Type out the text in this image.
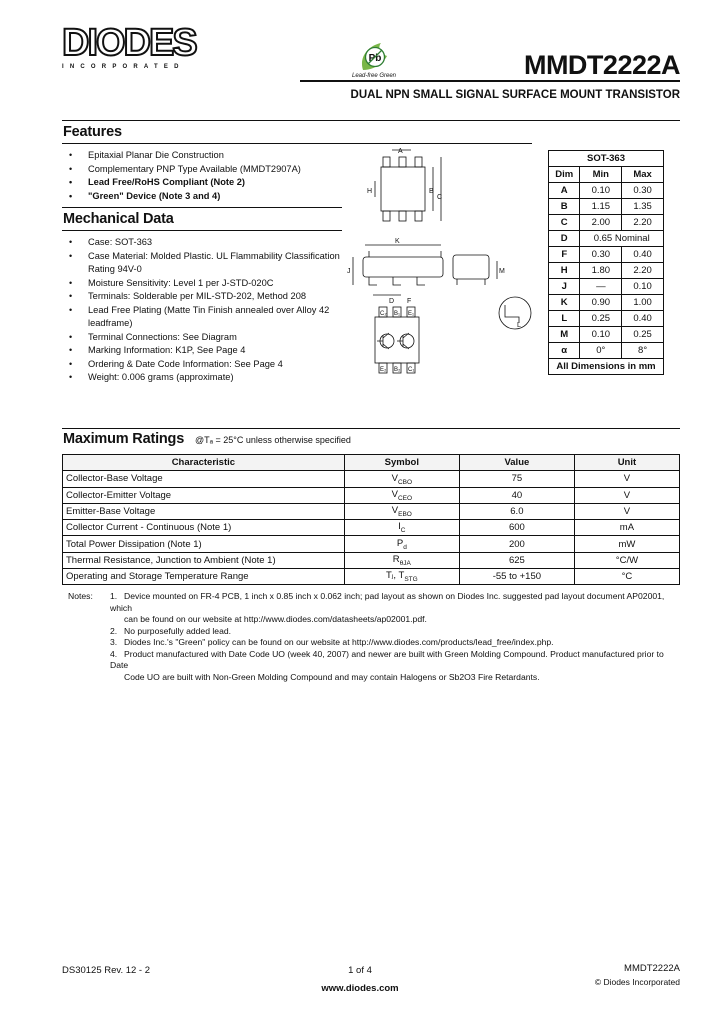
DIODES
INCORPORATED
Pb
Lead-free Green	MMDT2222A
DUAL NPN SMALL SIGNAL SURFACE MOUNT TRANSISTOR
Features
• Epitaxial Planar Die Construction
• Complementary PNP Type Available (MMDT2907A)
• Lead Free/RoHS Compliant (Note 2)
• "Green" Device (Note 3 and 4)
Mechanical Data
• Case: SOT-363
• Case Material: Molded Plastic. UL Flammability Classification Rating 94V-0
• Moisture Sensitivity: Level 1 per J-STD-020C
• Terminals: Solderable per MIL-STD-202, Method 208
• Lead Free Plating (Matte Tin Finish annealed over Alloy 42 leadframe)
• Terminal Connections: See Diagram
• Marking Information: K1P, See Page 4
• Ordering & Date Code Information: See Page 4
• Weight: 0.006 grams (approximate)
A
B
C
H
K
J
D F
M
L
C₂ B₁ E₁
E₂ B₂ C₁
SOT-363		
Dim	Min	Max
A	0.10	0.30
B	1.15	1.35
C	2.00	2.20
D	0.65 Nominal	
F	0.30	0.40
H	1.80	2.20
J	—	0.10
K	0.90	1.00
L	0.25	0.40
M	0.10	0.25
α	0°	8°
All Dimensions in mm		
Maximum Ratings @Tₐ = 25°C unless otherwise specified
Characteristic	Symbol	Value	Unit
Collector-Base Voltage	$V_{CBO}$	75	V
Collector-Emitter Voltage	$V_{CEO}$	40	V
Emitter-Base Voltage	$V_{EBO}$	6.0	V
Collector Current - Continuous (Note 1)	$I_C$	600	mA
Total Power Dissipation (Note 1)	$P_d$	200	mW
Thermal Resistance, Junction to Ambient (Note 1)	$R_{\theta JA}$	625	°C/W
Operating and Storage Temperature Range	Tⱼ, $T_{STG}$	-55 to +150	°C
Notes: 1. Device mounted on FR-4 PCB, 1 inch x 0.85 inch x 0.062 inch; pad layout as shown on Diodes Inc. suggested pad layout document AP02001, which
can be found on our website at http://www.diodes.com/datasheets/ap02001.pdf.
2. No purposefully added lead.
3. Diodes Inc.'s "Green" policy can be found on our website at http://www.diodes.com/products/lead_free/index.php.
4. Product manufactured with Date Code UO (week 40, 2007) and newer are built with Green Molding Compound. Product manufactured prior to Date
Code UO are built with Non-Green Molding Compound and may contain Halogens or Sb2O3 Fire Retardants.
DS30125 Rev. 12 - 2	1 of 4	MMDT2222A
© Diodes Incorporated
www.diodes.com
